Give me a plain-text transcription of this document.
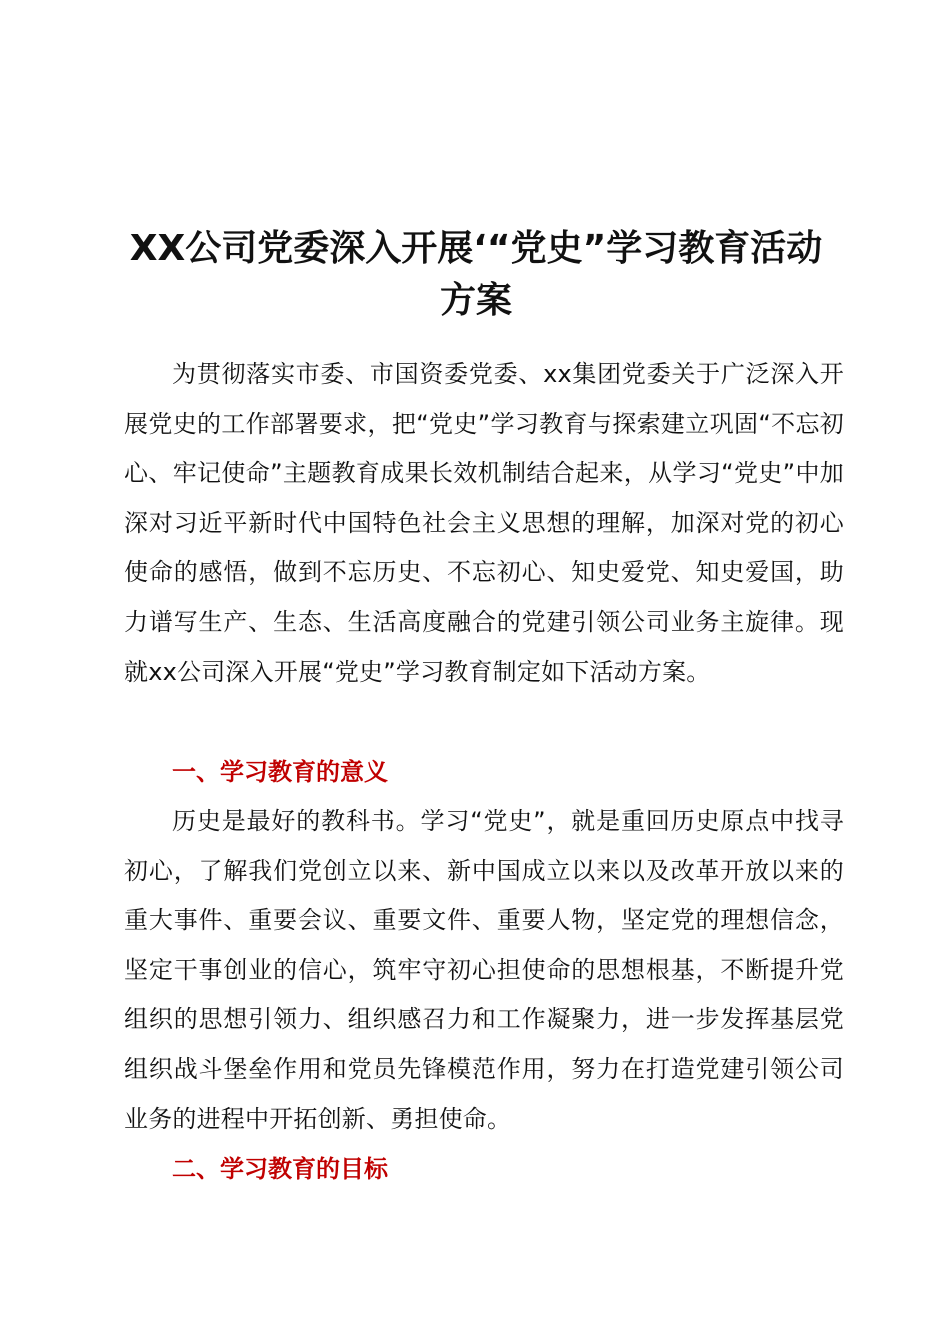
XX公司党委深入开展‘“党史”学习教育活动
方案

为贯彻落实市委、市国资委党委、xx集团党委关于广泛深入开展党史的工作部署要求，把“党史”学习教育与探索建立巩固“不忘初心、牢记使命”主题教育成果长效机制结合起来，从学习“党史”中加深对习近平新时代中国特色社会主义思想的理解，加深对党的初心使命的感悟，做到不忘历史、不忘初心、知史爱党、知史爱国，助力谱写生产、生态、生活高度融合的党建引领公司业务主旋律。现就xx公司深入开展“党史”学习教育制定如下活动方案。

一、学习教育的意义

历史是最好的教科书。学习“党史”，就是重回历史原点中找寻初心，了解我们党创立以来、新中国成立以来以及改革开放以来的重大事件、重要会议、重要文件、重要人物，坚定党的理想信念，坚定干事创业的信心，筑牢守初心担使命的思想根基，不断提升党组织的思想引领力、组织感召力和工作凝聚力，进一步发挥基层党组织战斗堡垒作用和党员先锋模范作用，努力在打造党建引领公司业务的进程中开拓创新、勇担使命。

二、学习教育的目标
